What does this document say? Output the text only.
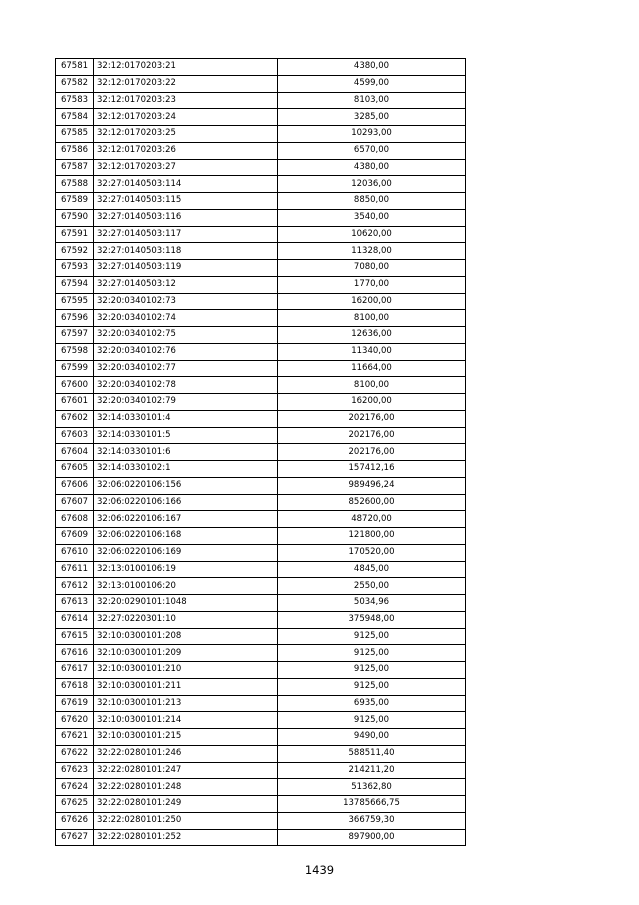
67581	32:12:0170203:21	4380,00
67582	32:12:0170203:22	4599,00
67583	32:12:0170203:23	8103,00
67584	32:12:0170203:24	3285,00
67585	32:12:0170203:25	10293,00
67586	32:12:0170203:26	6570,00
67587	32:12:0170203:27	4380,00
67588	32:27:0140503:114	12036,00
67589	32:27:0140503:115	8850,00
67590	32:27:0140503:116	3540,00
67591	32:27:0140503:117	10620,00
67592	32:27:0140503:118	11328,00
67593	32:27:0140503:119	7080,00
67594	32:27:0140503:12	1770,00
67595	32:20:0340102:73	16200,00
67596	32:20:0340102:74	8100,00
67597	32:20:0340102:75	12636,00
67598	32:20:0340102:76	11340,00
67599	32:20:0340102:77	11664,00
67600	32:20:0340102:78	8100,00
67601	32:20:0340102:79	16200,00
67602	32:14:0330101:4	202176,00
67603	32:14:0330101:5	202176,00
67604	32:14:0330101:6	202176,00
67605	32:14:0330102:1	157412,16
67606	32:06:0220106:156	989496,24
67607	32:06:0220106:166	852600,00
67608	32:06:0220106:167	48720,00
67609	32:06:0220106:168	121800,00
67610	32:06:0220106:169	170520,00
67611	32:13:0100106:19	4845,00
67612	32:13:0100106:20	2550,00
67613	32:20:0290101:1048	5034,96
67614	32:27:0220301:10	375948,00
67615	32:10:0300101:208	9125,00
67616	32:10:0300101:209	9125,00
67617	32:10:0300101:210	9125,00
67618	32:10:0300101:211	9125,00
67619	32:10:0300101:213	6935,00
67620	32:10:0300101:214	9125,00
67621	32:10:0300101:215	9490,00
67622	32:22:0280101:246	588511,40
67623	32:22:0280101:247	214211,20
67624	32:22:0280101:248	51362,80
67625	32:22:0280101:249	13785666,75
67626	32:22:0280101:250	366759,30
67627	32:22:0280101:252	897900,00
1439
